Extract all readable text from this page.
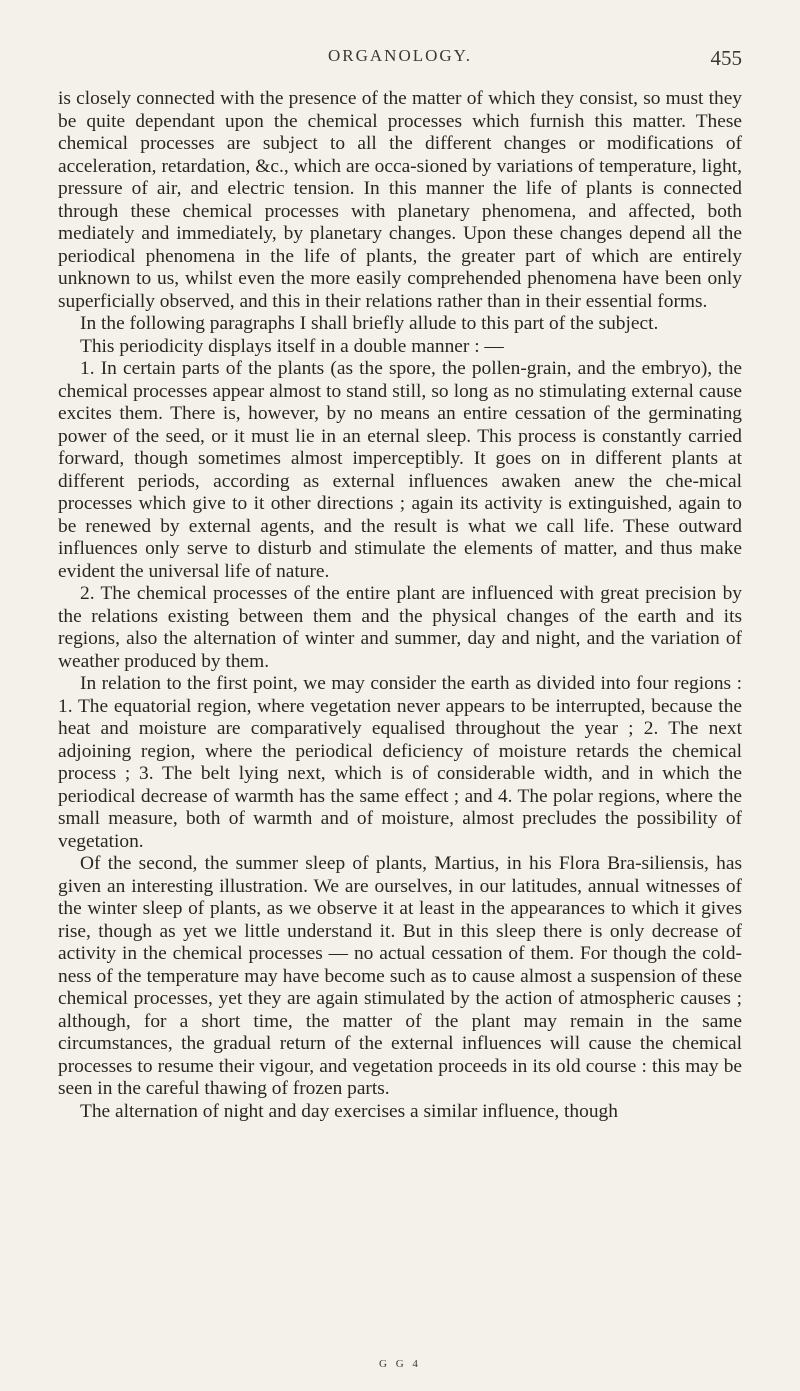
ORGANOLOGY.	455

is closely connected with the presence of the matter of which they consist, so must they be quite dependant upon the chemical processes which furnish this matter. These chemical processes are subject to all the different changes or modifications of acceleration, retardation, &c., which are occa-sioned by variations of temperature, light, pressure of air, and electric tension. In this manner the life of plants is connected through these chemical processes with planetary phenomena, and affected, both mediately and immediately, by planetary changes. Upon these changes depend all the periodical phenomena in the life of plants, the greater part of which are entirely unknown to us, whilst even the more easily comprehended phenomena have been only superficially observed, and this in their relations rather than in their essential forms.

In the following paragraphs I shall briefly allude to this part of the subject.

This periodicity displays itself in a double manner : —

1. In certain parts of the plants (as the spore, the pollen-grain, and the embryo), the chemical processes appear almost to stand still, so long as no stimulating external cause excites them. There is, however, by no means an entire cessation of the germinating power of the seed, or it must lie in an eternal sleep. This process is constantly carried forward, though sometimes almost imperceptibly. It goes on in different plants at different periods, according as external influences awaken anew the che-mical processes which give to it other directions ; again its activity is extinguished, again to be renewed by external agents, and the result is what we call life. These outward influences only serve to disturb and stimulate the elements of matter, and thus make evident the universal life of nature.

2. The chemical processes of the entire plant are influenced with great precision by the relations existing between them and the physical changes of the earth and its regions, also the alternation of winter and summer, day and night, and the variation of weather produced by them.

In relation to the first point, we may consider the earth as divided into four regions : 1. The equatorial region, where vegetation never appears to be interrupted, because the heat and moisture are comparatively equalised throughout the year ; 2. The next adjoining region, where the periodical deficiency of moisture retards the chemical process ; 3. The belt lying next, which is of considerable width, and in which the periodical decrease of warmth has the same effect ; and 4. The polar regions, where the small measure, both of warmth and of moisture, almost precludes the possibility of vegetation.

Of the second, the summer sleep of plants, Martius, in his Flora Bra-siliensis, has given an interesting illustration. We are ourselves, in our latitudes, annual witnesses of the winter sleep of plants, as we observe it at least in the appearances to which it gives rise, though as yet we little understand it. But in this sleep there is only decrease of activity in the chemical processes — no actual cessation of them. For though the cold-ness of the temperature may have become such as to cause almost a suspension of these chemical processes, yet they are again stimulated by the action of atmospheric causes ; although, for a short time, the matter of the plant may remain in the same circumstances, the gradual return of the external influences will cause the chemical processes to resume their vigour, and vegetation proceeds in its old course : this may be seen in the careful thawing of frozen parts.

The alternation of night and day exercises a similar influence, though

G G 4
